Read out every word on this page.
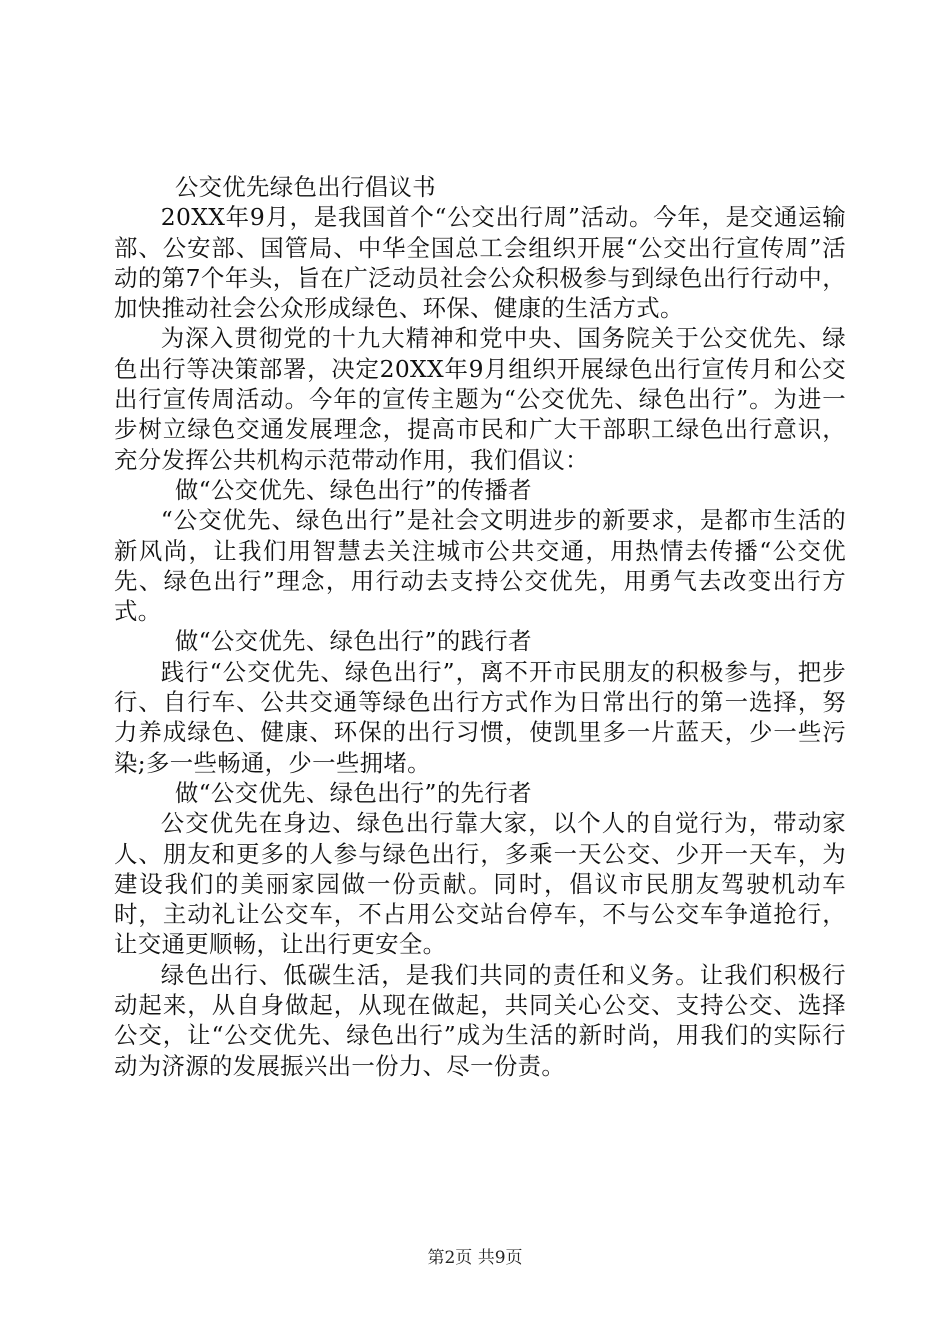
公交优先绿色出行倡议书

20XX年9月，是我国首个“公交出行周”活动。今年，是交通运输部、公安部、国管局、中华全国总工会组织开展“公交出行宣传周”活动的第7个年头，旨在广泛动员社会公众积极参与到绿色出行行动中，加快推动社会公众形成绿色、环保、健康的生活方式。

为深入贯彻党的十九大精神和党中央、国务院关于公交优先、绿色出行等决策部署，决定20XX年9月组织开展绿色出行宣传月和公交出行宣传周活动。今年的宣传主题为“公交优先、绿色出行”。为进一步树立绿色交通发展理念，提高市民和广大干部职工绿色出行意识，充分发挥公共机构示范带动作用，我们倡议：

做“公交优先、绿色出行”的传播者

“公交优先、绿色出行”是社会文明进步的新要求，是都市生活的新风尚，让我们用智慧去关注城市公共交通，用热情去传播“公交优先、绿色出行”理念，用行动去支持公交优先，用勇气去改变出行方式。

做“公交优先、绿色出行”的践行者

践行“公交优先、绿色出行”，离不开市民朋友的积极参与，把步行、自行车、公共交通等绿色出行方式作为日常出行的第一选择，努力养成绿色、健康、环保的出行习惯，使凯里多一片蓝天，少一些污染;多一些畅通，少一些拥堵。

做“公交优先、绿色出行”的先行者

公交优先在身边、绿色出行靠大家，以个人的自觉行为，带动家人、朋友和更多的人参与绿色出行，多乘一天公交、少开一天车，为建设我们的美丽家园做一份贡献。同时，倡议市民朋友驾驶机动车时，主动礼让公交车，不占用公交站台停车，不与公交车争道抢行，让交通更顺畅，让出行更安全。

绿色出行、低碳生活，是我们共同的责任和义务。让我们积极行动起来，从自身做起，从现在做起，共同关心公交、支持公交、选择公交，让“公交优先、绿色出行”成为生活的新时尚，用我们的实际行动为济源的发展振兴出一份力、尽一份责。

第2页 共9页
